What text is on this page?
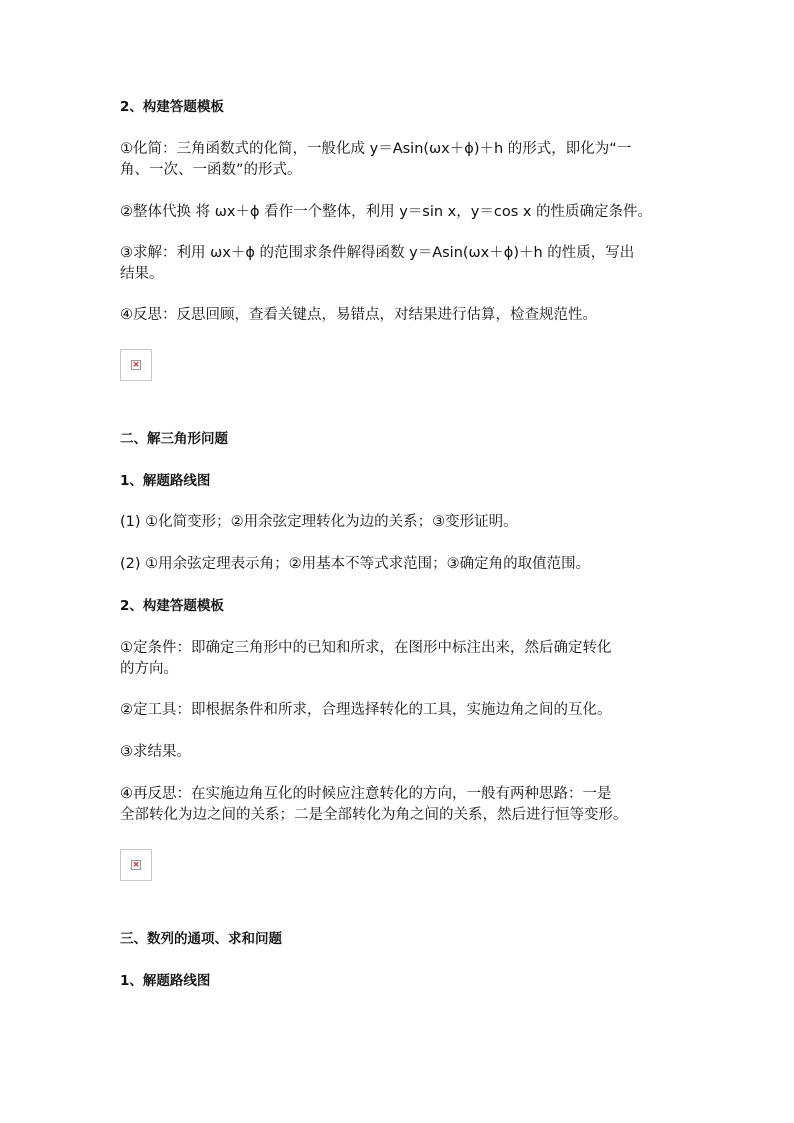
2、构建答题模板
①化简：三角函数式的化简，一般化成 y＝Asin(ωx＋ϕ)＋h 的形式，即化为“一
角、一次、一函数”的形式。
②整体代换 将 ωx＋ϕ 看作一个整体，利用 y＝sin x，y＝cos x 的性质确定条件。
③求解：利用 ωx＋ϕ 的范围求条件解得函数 y＝Asin(ωx＋ϕ)＋h 的性质，写出
结果。
④反思：反思回顾，查看关键点，易错点，对结果进行估算，检查规范性。
×
二、解三角形问题
1、解题路线图
(1) ①化简变形；②用余弦定理转化为边的关系；③变形证明。
(2) ①用余弦定理表示角；②用基本不等式求范围；③确定角的取值范围。
2、构建答题模板
①定条件：即确定三角形中的已知和所求，在图形中标注出来，然后确定转化
的方向。
②定工具：即根据条件和所求，合理选择转化的工具，实施边角之间的互化。
③求结果。
④再反思：在实施边角互化的时候应注意转化的方向，一般有两种思路：一是
全部转化为边之间的关系；二是全部转化为角之间的关系，然后进行恒等变形。
×
三、数列的通项、求和问题
1、解题路线图
